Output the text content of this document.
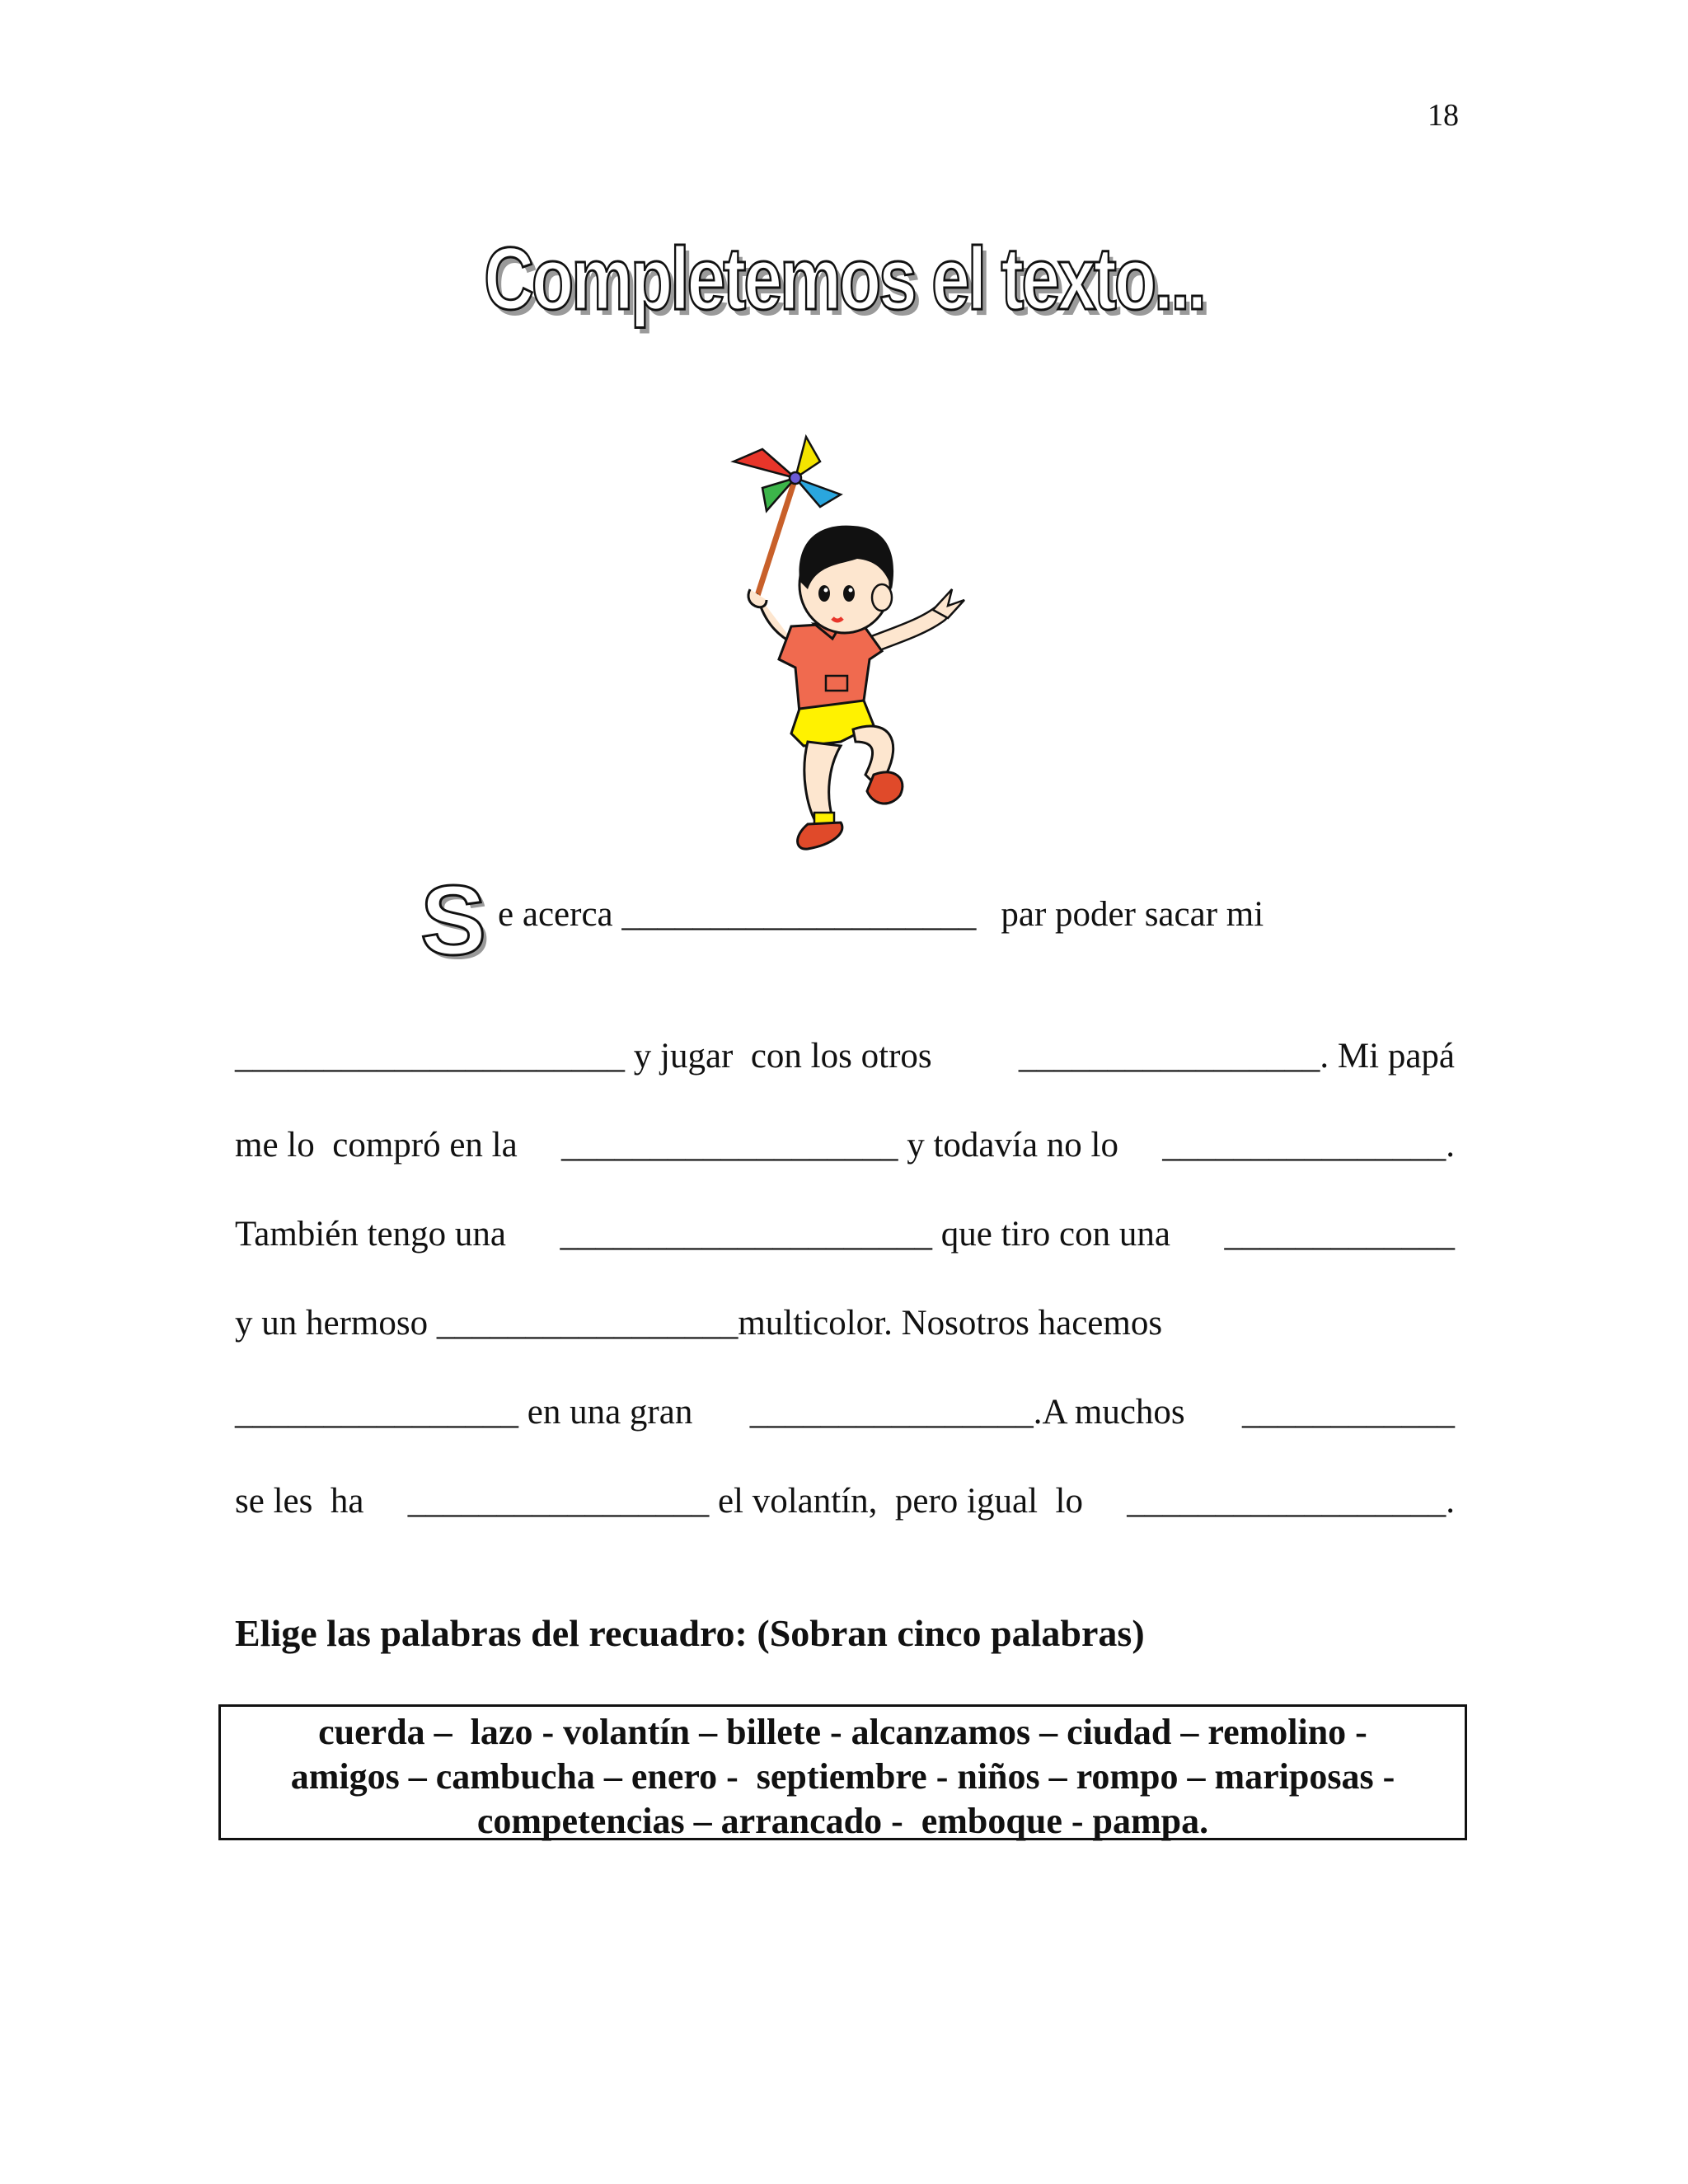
18
Completemos el texto...
S e acerca ____________________ par poder sacar mi
______________________ y jugar  con los otros _________________. Mi papá
me lo  compró en la ___________________ y todavía no lo ________________.
También tengo una _____________________ que tiro con una _____________
y un hermoso _________________multicolor. Nosotros hacemos
________________ en una gran ________________.A muchos ____________
se les  ha _________________ el volantín,  pero igual  lo __________________.
Elige las palabras del recuadro: (Sobran cinco palabras)
cuerda –  lazo - volantín – billete - alcanzamos – ciudad – remolino -
amigos – cambucha – enero -  septiembre - niños – rompo – mariposas -
competencias – arrancado -  emboque - pampa.
